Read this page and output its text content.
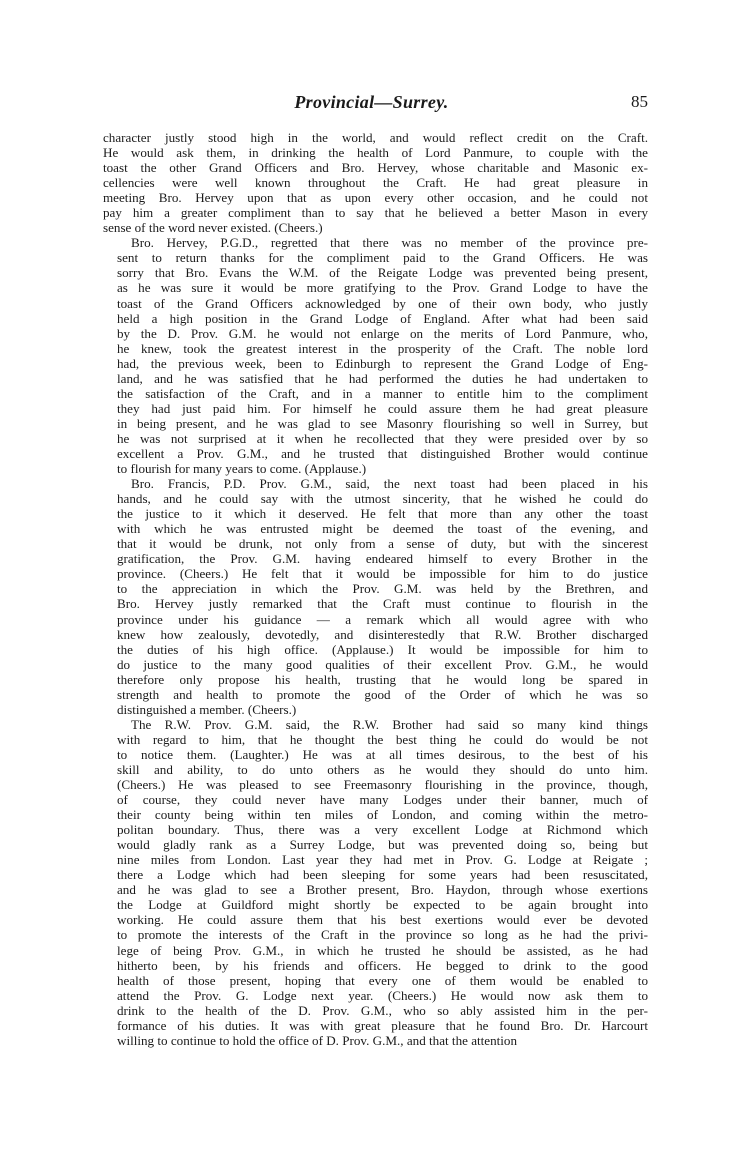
Provincial—Surrey.	85
character justly stood high in the world, and would reflect credit on the Craft.
He would ask them, in drinking the health of Lord Panmure, to couple with the
toast the other Grand Officers and Bro. Hervey, whose charitable and Masonic ex-
cellencies were well known throughout the Craft. He had great pleasure in
meeting Bro. Hervey upon that as upon every other occasion, and he could not
pay him a greater compliment than to say that he believed a better Mason in every
sense of the word never existed. (Cheers.)
Bro. Hervey, P.G.D., regretted that there was no member of the province pre-
sent to return thanks for the compliment paid to the Grand Officers. He was
sorry that Bro. Evans the W.M. of the Reigate Lodge was prevented being present,
as he was sure it would be more gratifying to the Prov. Grand Lodge to have the
toast of the Grand Officers acknowledged by one of their own body, who justly
held a high position in the Grand Lodge of England. After what had been said
by the D. Prov. G.M. he would not enlarge on the merits of Lord Panmure, who,
he knew, took the greatest interest in the prosperity of the Craft. The noble lord
had, the previous week, been to Edinburgh to represent the Grand Lodge of Eng-
land, and he was satisfied that he had performed the duties he had undertaken to
the satisfaction of the Craft, and in a manner to entitle him to the compliment
they had just paid him. For himself he could assure them he had great pleasure
in being present, and he was glad to see Masonry flourishing so well in Surrey, but
he was not surprised at it when he recollected that they were presided over by so
excellent a Prov. G.M., and he trusted that distinguished Brother would continue
to flourish for many years to come. (Applause.)
Bro. Francis, P.D. Prov. G.M., said, the next toast had been placed in his
hands, and he could say with the utmost sincerity, that he wished he could do
the justice to it which it deserved. He felt that more than any other the toast
with which he was entrusted might be deemed the toast of the evening, and
that it would be drunk, not only from a sense of duty, but with the sincerest
gratification, the Prov. G.M. having endeared himself to every Brother in the
province. (Cheers.) He felt that it would be impossible for him to do justice
to the appreciation in which the Prov. G.M. was held by the Brethren, and
Bro. Hervey justly remarked that the Craft must continue to flourish in the
province under his guidance — a remark which all would agree with who
knew how zealously, devotedly, and disinterestedly that R.W. Brother discharged
the duties of his high office. (Applause.) It would be impossible for him to
do justice to the many good qualities of their excellent Prov. G.M., he would
therefore only propose his health, trusting that he would long be spared in
strength and health to promote the good of the Order of which he was so
distinguished a member. (Cheers.)
The R.W. Prov. G.M. said, the R.W. Brother had said so many kind things
with regard to him, that he thought the best thing he could do would be not
to notice them. (Laughter.) He was at all times desirous, to the best of his
skill and ability, to do unto others as he would they should do unto him.
(Cheers.) He was pleased to see Freemasonry flourishing in the province, though,
of course, they could never have many Lodges under their banner, much of
their county being within ten miles of London, and coming within the metro-
politan boundary. Thus, there was a very excellent Lodge at Richmond which
would gladly rank as a Surrey Lodge, but was prevented doing so, being but
nine miles from London. Last year they had met in Prov. G. Lodge at Reigate ;
there a Lodge which had been sleeping for some years had been resuscitated,
and he was glad to see a Brother present, Bro. Haydon, through whose exertions
the Lodge at Guildford might shortly be expected to be again brought into
working. He could assure them that his best exertions would ever be devoted
to promote the interests of the Craft in the province so long as he had the privi-
lege of being Prov. G.M., in which he trusted he should be assisted, as he had
hitherto been, by his friends and officers. He begged to drink to the good
health of those present, hoping that every one of them would be enabled to
attend the Prov. G. Lodge next year. (Cheers.) He would now ask them to
drink to the health of the D. Prov. G.M., who so ably assisted him in the per-
formance of his duties. It was with great pleasure that he found Bro. Dr. Harcourt
willing to continue to hold the office of D. Prov. G.M., and that the attention
